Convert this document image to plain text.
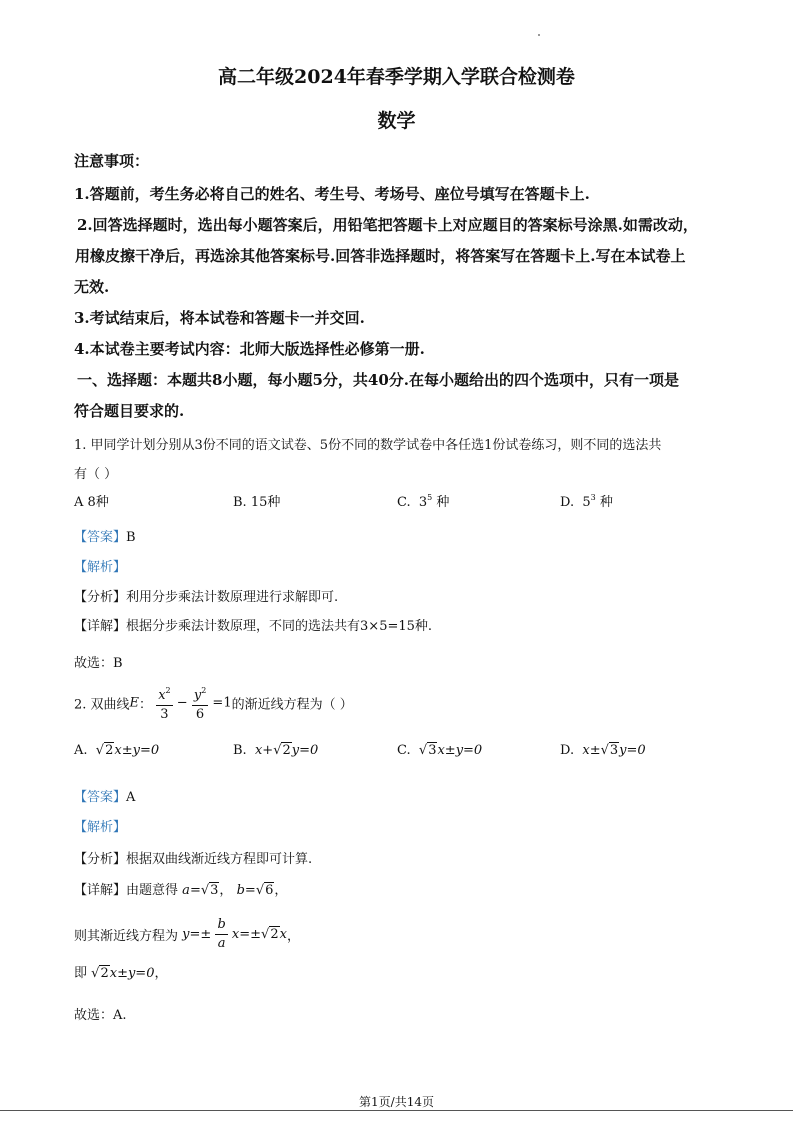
高二年级2024年春季学期入学联合检测卷
数学
注意事项：
1.答题前，考生务必将自己的姓名、考生号、考场号、座位号填写在答题卡上.
2.回答选择题时，选出每小题答案后，用铅笔把答题卡上对应题目的答案标号涂黑.如需改动，
用橡皮擦干净后，再选涂其他答案标号.回答非选择题时，将答案写在答题卡上.写在本试卷上
无效.
3.考试结束后，将本试卷和答题卡一并交回.
4.本试卷主要考试内容：北师大版选择性必修第一册.
一、选择题：本题共8小题，每小题5分，共40分.在每小题给出的四个选项中，只有一项是
符合题目要求的.
1. 甲同学计划分别从3份不同的语文试卷、5份不同的数学试卷中各任选1份试卷练习，则不同的选法共
有（ ）
A 8种	B. 15种	C. $3^5$ 种	D. $5^3$ 种
【答案】B
【解析】
【分析】利用分步乘法计数原理进行求解即可.
【详解】根据分步乘法计数原理，不同的选法共有3×5=15种.
故选：B
2. 双曲线E： $\frac{x^2}{3} - \frac{y^2}{6} =1$的渐近线方程为（ ）
A. √2x±y=0	B. x+√2y=0	C. √3x±y=0	D. x±√3y=0
【答案】A
【解析】
【分析】根据双曲线渐近线方程即可计算.
【详解】由题意得 a=√3， b=√6，
则其渐近线方程为 $y=\pm \frac{b}{a} x=\pm√2x$，
即 √2x±y=0，
故选：A.
第1页/共14页
